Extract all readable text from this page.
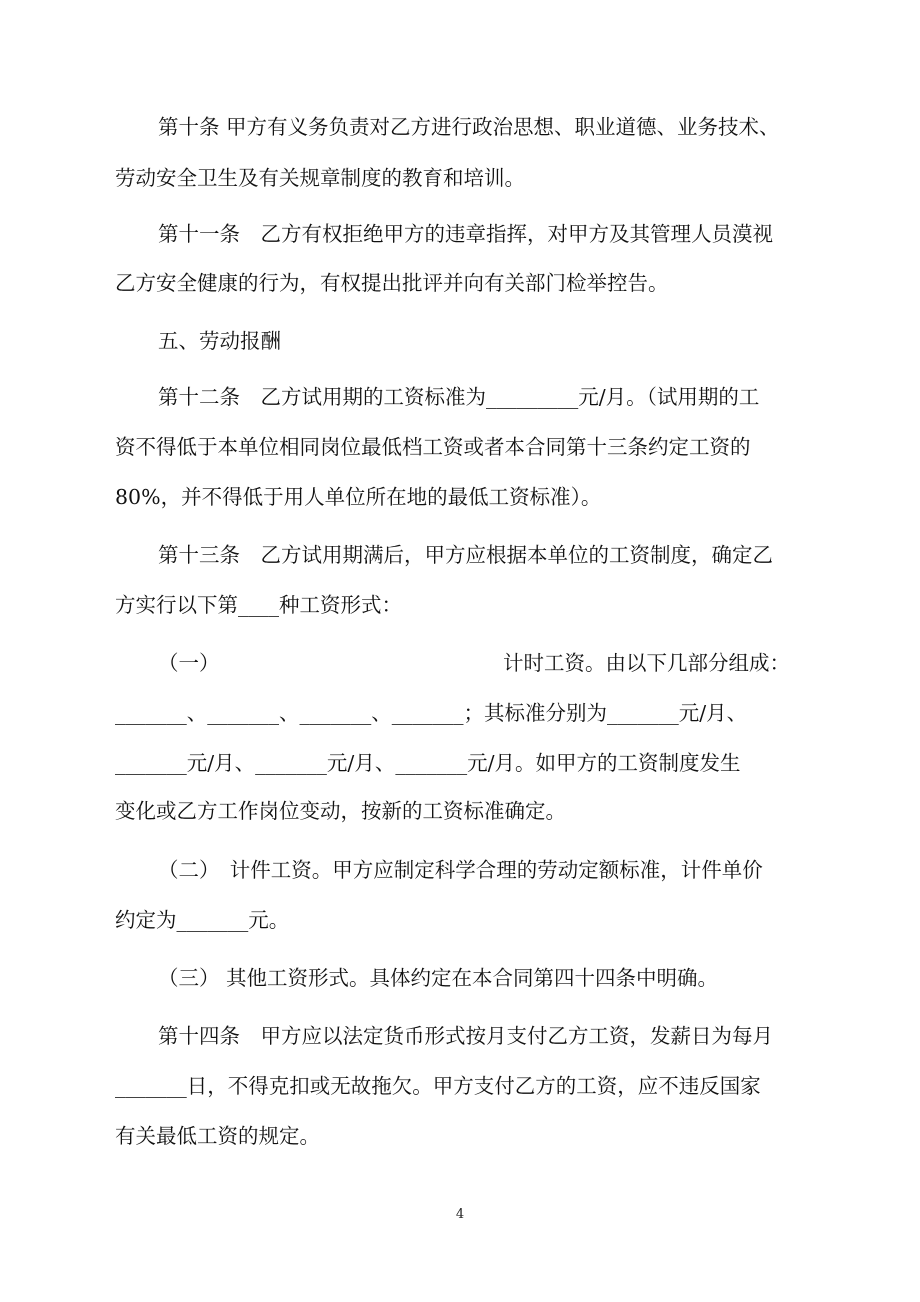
第十条 甲方有义务负责对乙方进行政治思想、职业道德、业务技术、
劳动安全卫生及有关规章制度的教育和培训。
第十一条　乙方有权拒绝甲方的违章指挥，对甲方及其管理人员漠视
乙方安全健康的行为，有权提出批评并向有关部门检举控告。
五、劳动报酬
第十二条　乙方试用期的工资标准为_________元/月。（试用期的工
资不得低于本单位相同岗位最低档工资或者本合同第十三条约定工资的
80%，并不得低于用人单位所在地的最低工资标准）。
第十三条　乙方试用期满后，甲方应根据本单位的工资制度，确定乙
方实行以下第____种工资形式：
（一）	计时工资。由以下几部分组成：
_______、_______、_______、_______；其标准分别为_______元/月、
_______元/月、_______元/月、_______元/月。如甲方的工资制度发生
变化或乙方工作岗位变动，按新的工资标准确定。
（二）　计件工资。甲方应制定科学合理的劳动定额标准，计件单价
约定为_______元。
（三） 其他工资形式。具体约定在本合同第四十四条中明确。
第十四条　甲方应以法定货币形式按月支付乙方工资，发薪日为每月
_______日，不得克扣或无故拖欠。甲方支付乙方的工资，应不违反国家
有关最低工资的规定。
4
